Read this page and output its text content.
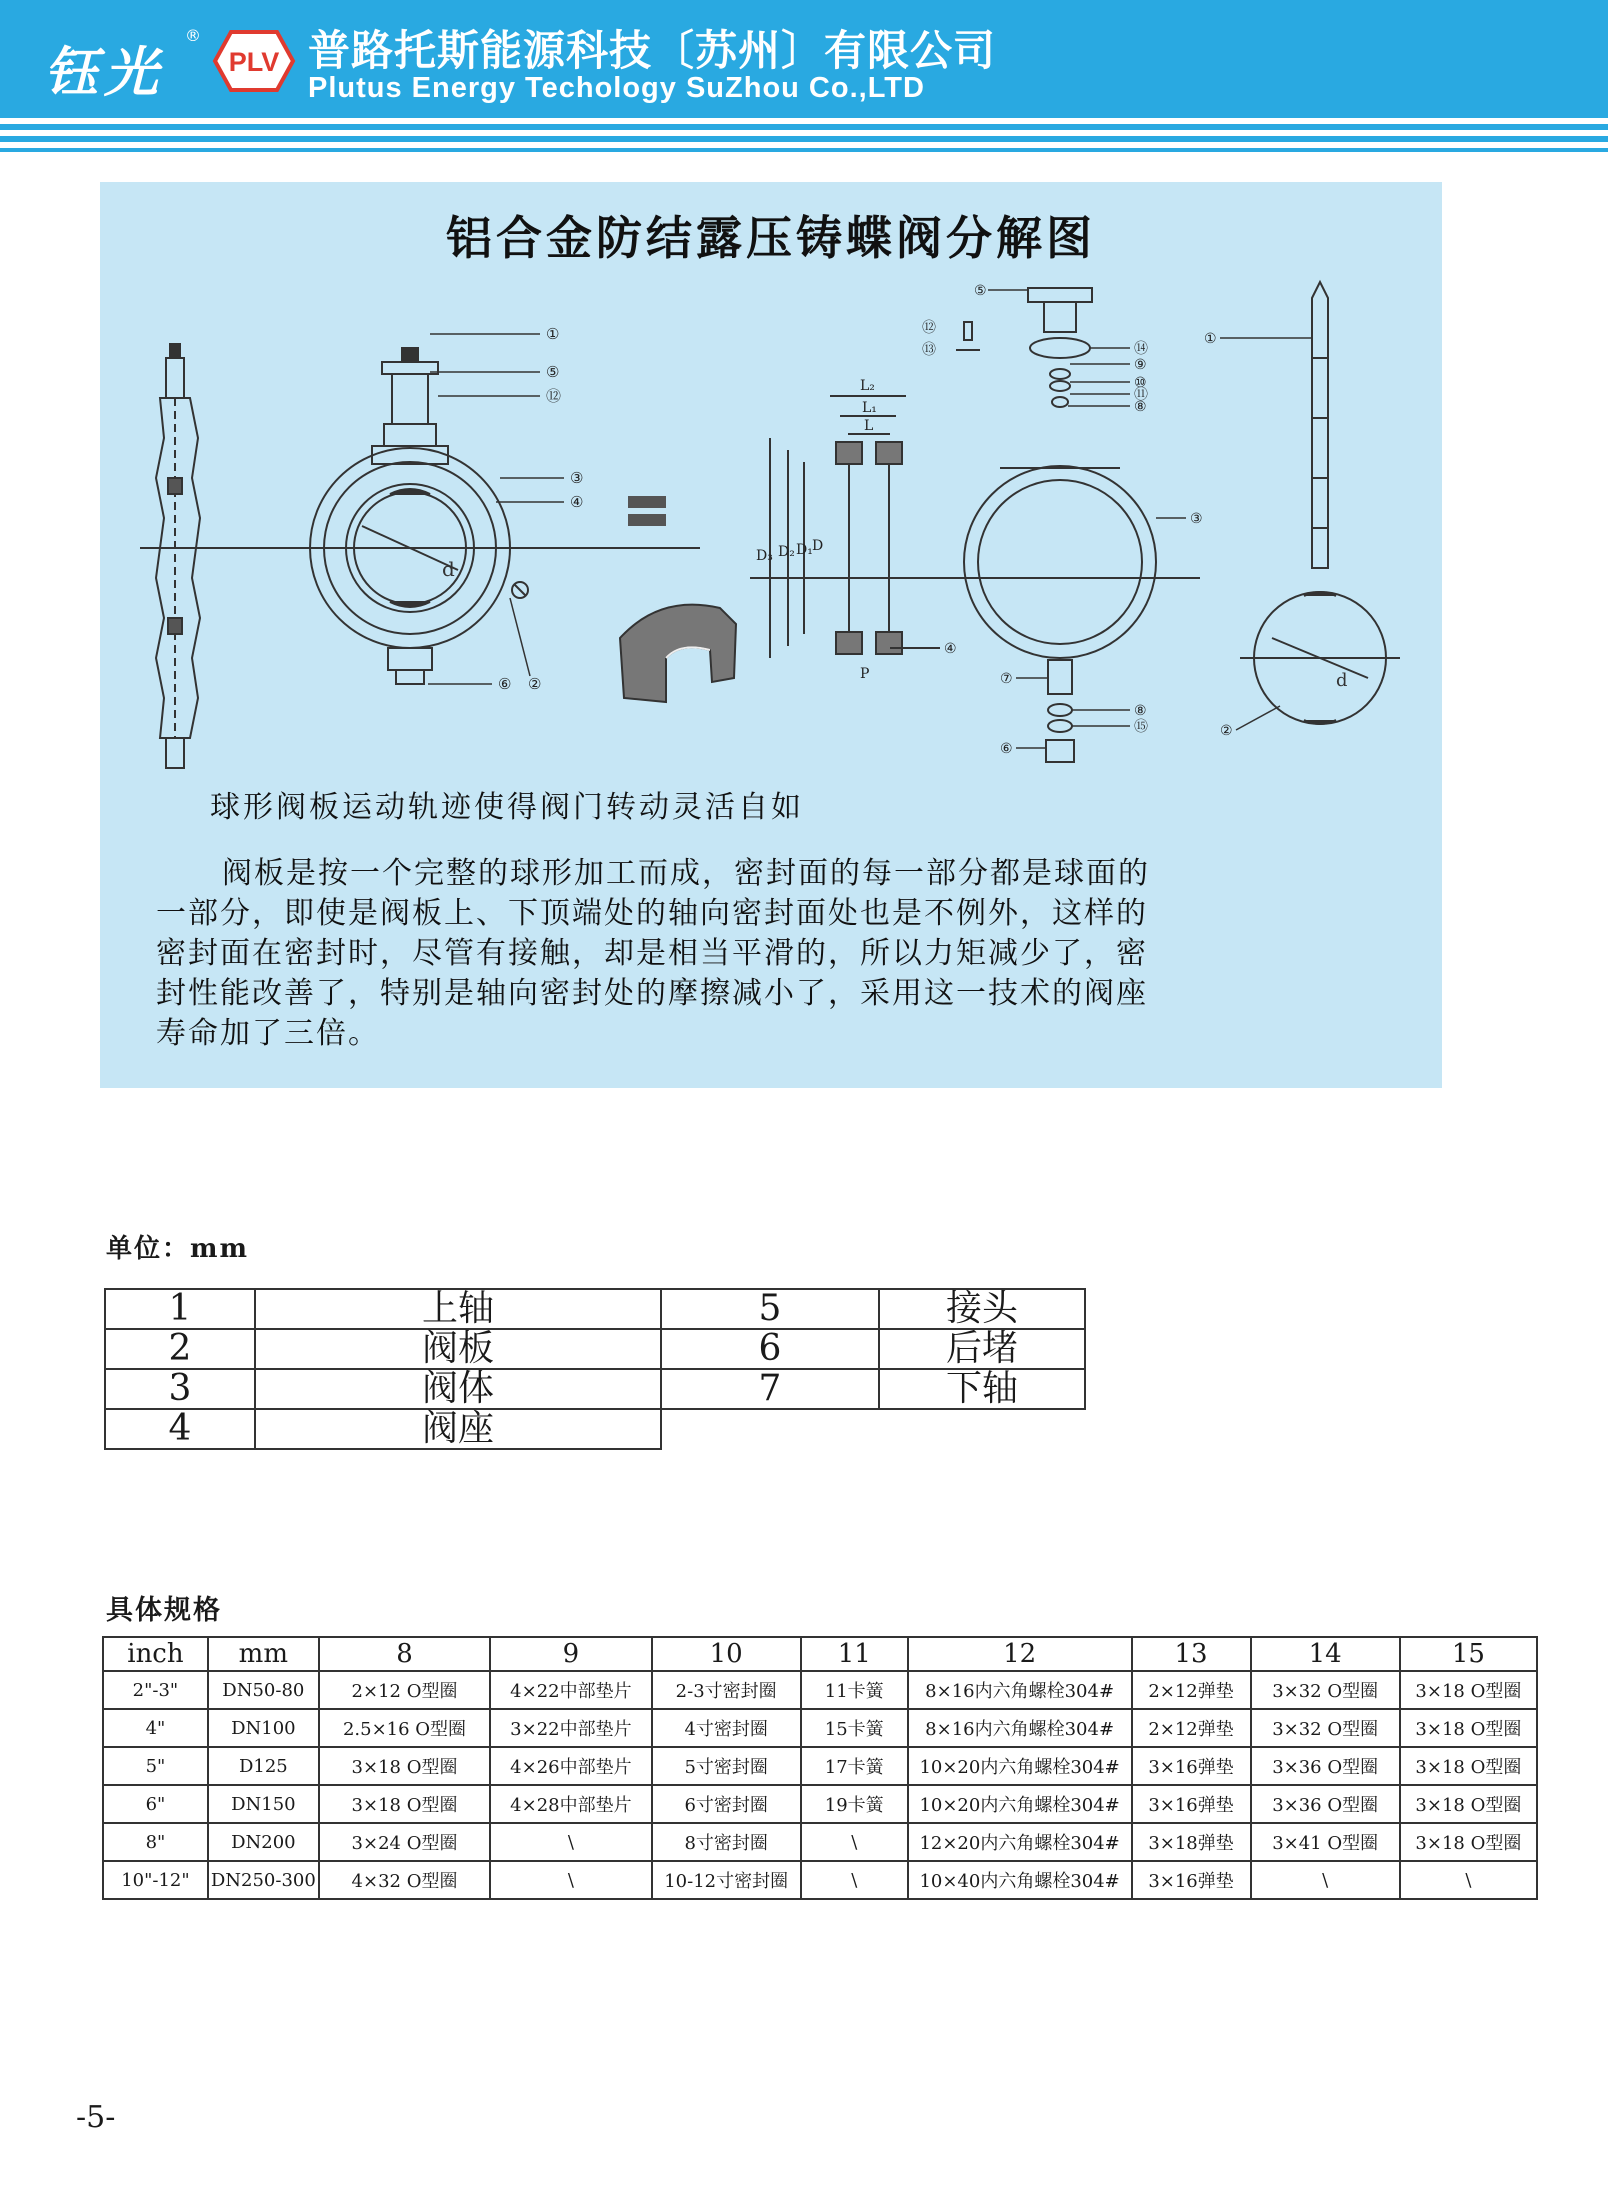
钰光
®
PLV 普路托斯能源科技〔苏州〕有限公司
Plutus Energy Techology SuZhou Co.,LTD
铝合金防结露压铸蝶阀分解图
d
①
⑤
⑫
③
④
⑥ ②
L₂
L₁
L
D₃ D₂ D₁ D
P
④
⑤
⑫
⑬	⑭
⑨
⑩
⑪
⑧
③
⑦
⑧
⑮
⑥
d
①
②
球形阀板运动轨迹使得阀门转动灵活自如

阀板是按一个完整的球形加工而成，密封面的每一部分都是球面的

一部分，即使是阀板上、下顶端处的轴向密封面处也是不例外，这样的

密封面在密封时，尽管有接触，却是相当平滑的，所以力矩减少了，密

封性能改善了，特别是轴向密封处的摩擦减小了，采用这一技术的阀座

寿命加了三倍。

单位：mm
1	上轴	5	接头
2	阀板	6	后堵
3	阀体	7	下轴
4	阀座		
具体规格
inch	mm	8	9	10	11	12	13	14	15
2"-3"	DN50-80	2×12 O型圈	4×22中部垫片	2-3寸密封圈	11卡簧	8×16内六角螺栓304#	2×12弹垫	3×32 O型圈	3×18 O型圈
4"	DN100	2.5×16 O型圈	3×22中部垫片	4寸密封圈	15卡簧	8×16内六角螺栓304#	2×12弹垫	3×32 O型圈	3×18 O型圈
5"	D125	3×18 O型圈	4×26中部垫片	5寸密封圈	17卡簧	10×20内六角螺栓304#	3×16弹垫	3×36 O型圈	3×18 O型圈
6"	DN150	3×18 O型圈	4×28中部垫片	6寸密封圈	19卡簧	10×20内六角螺栓304#	3×16弹垫	3×36 O型圈	3×18 O型圈
8"	DN200	3×24 O型圈	\	8寸密封圈	\	12×20内六角螺栓304#	3×18弹垫	3×41 O型圈	3×18 O型圈
10"-12"	DN250-300	4×32 O型圈	\	10-12寸密封圈	\	10×40内六角螺栓304#	3×16弹垫	\	\
-5-
